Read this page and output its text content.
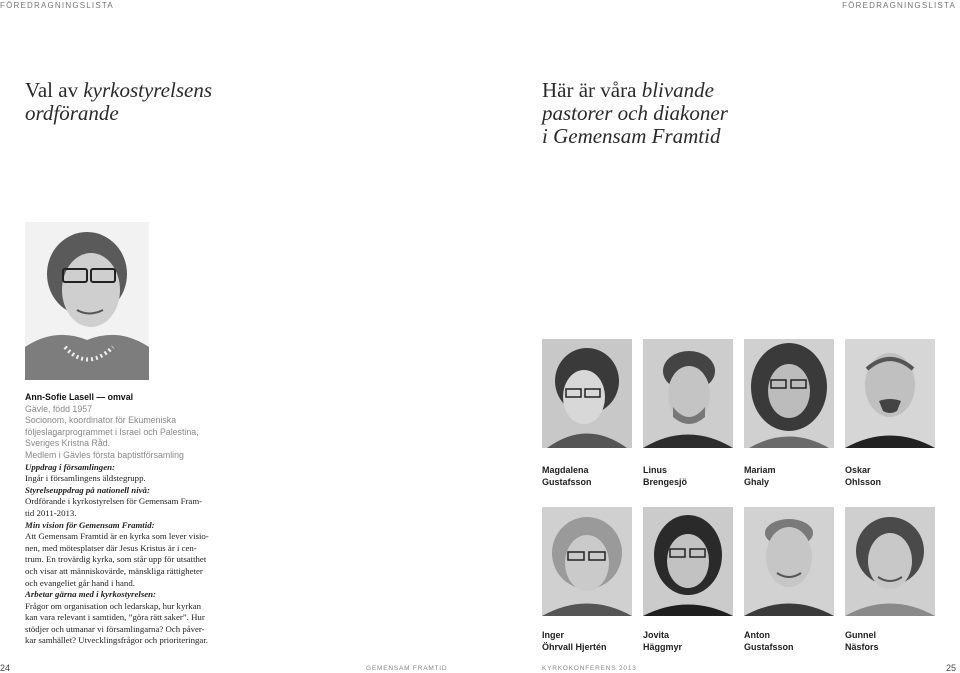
FÖREDRAGNINGSLISTA	FÖREDRAGNINGSLISTA
Val av kyrkostyrelsens
ordförande
Här är våra blivande
pastorer och diakoner
i Gemensam Framtid
Ann-Sofie Lasell — omval
Gävle, född 1957
Socionom, koordinator för Ekumeniska
följeslagarprogrammet i Israel och Palestina,
Sveriges Kristna Råd.
Medlem i Gävles första baptistförsamling
Uppdrag i församlingen:
Ingår i församlingens äldstegrupp.
Styrelseuppdrag på nationell nivå:
Ordförande i kyrkostyrelsen för Gemensam Fram-
tid 2011-2013.
Min vision för Gemensam Framtid:
Att Gemensam Framtid är en kyrka som lever visio-
nen, med mötesplatser där Jesus Kristus är i cen-
trum. En trovärdig kyrka, som står upp för utsatthet
och visar att människovärde, mänskliga rättigheter
och evangeliet går hand i hand.
Arbetar gärna med i kyrkostyrelsen:
Frågor om organisation och ledarskap, hur kyrkan
kan vara relevant i samtiden, ”göra rätt saker”. Hur
stödjer och utmanar vi församlingarna? Och påver-
kar samhället? Utvecklingsfrågor och prioriteringar.
Magdalena
Gustafsson
Linus
Brengesjö
Mariam
Ghaly
Oskar
Ohlsson
Inger
Öhrvall Hjertén
Jovita
Häggmyr
Anton
Gustafsson
Gunnel
Näsfors
24	GEMENSAM FRAMTID	KYRKOKONFERENS 2013	25
